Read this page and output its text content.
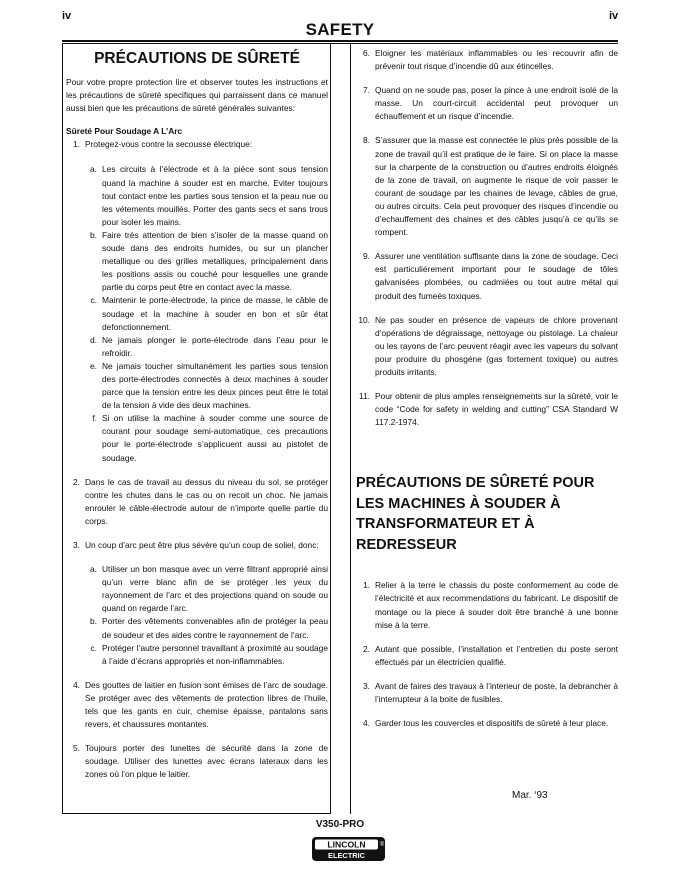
iv	iv
SAFETY
PRÉCAUTIONS DE SÛRETÉ
Pour votre propre protection lire et observer toutes les instructions et les précautions de sûreté specifiques qui parraissent dans ce manuel aussi bien que les précautions de sûreté générales suivantes:
Sûreté Pour Soudage A L’Arc
1. Protegez-vous contre la secousse électrique:
a. Les circuits à l’électrode et à la piéce sont sous tension quand la machine à souder est en marche. Eviter toujours tout contact entre les parties sous tension et la peau nue ou les vétements mouillés. Porter des gants secs et sans trous pour isoler les mains.
b. Faire très attention de bien s’isoler de la masse quand on soude dans des endroits humides, ou sur un plancher metallique ou des grilles metalliques, principalement dans les positions assis ou couché pour lesquelles une grande partie du corps peut être en contact avec la masse.
c. Maintenir le porte-électrode, la pince de masse, le câble de soudage et la machine à souder en bon et sûr état defonctionnement.
d. Ne jamais plonger le porte-électrode dans l’eau pour le refroidir.
e. Ne jamais toucher simultanément les parties sous tension des porte-électrodes connectés à deux machines à souder parce que la tension entre les deux pinces peut être le total de la tension à vide des deux machines.
f. Si on utilise la machine à souder comme une source de courant pour soudage semi-automatique, ces precautions pour le porte-électrode s’applicuent aussi au pistolet de soudage.
2. Dans le cas de travail au dessus du niveau du sol, se protéger contre les chutes dans le cas ou on recoit un choc. Ne jamais enrouler le câble-électrode autour de n’importe quelle partie du corps.
3. Un coup d’arc peut être plus sévère qu’un coup de soliel, donc:
a. Utiliser un bon masque avec un verre filtrant approprié ainsi qu’un verre blanc afin de se protéger les yeux du rayonnement de l’arc et des projections quand on soude ou quand on regarde l’arc.
b. Porter des vêtements convenables afin de protéger la peau de soudeur et des aides contre le rayonnement de l‘arc.
c. Protéger l’autre personnel travaillant à proximité au soudage à l’aide d’écrans appropriés et non-inflammables.
4. Des gouttes de laitier en fusion sont émises de l’arc de soudage. Se protéger avec des vêtements de protection libres de l’huile, tels que les gants en cuir, chemise épaisse, pantalons sans revers, et chaussures montantes.
5. Toujours porter des lunettes de sécurité dans la zone de soudage. Utiliser des lunettes avec écrans lateraux dans les zones où l’on pique le laitier.
6. Eloigner les matériaux inflammables ou les recouvrir afin de prévenir tout risque d’incendie dû aux étincelles.
7. Quand on ne soude pas, poser la pince à une endroit isolé de la masse. Un court-circuit accidental peut provoquer un échauffement et un risque d’incendie.
8. S’assurer que la masse est connectée le plus prés possible de la zone de travail qu’il est pratique de le faire. Si on place la masse sur la charpente de la construction ou d’autres endroits éloignés de la zone de travail, on augmente le risque de voir passer le courant de soudage par les chaines de levage, câbles de grue, ou autres circuits. Cela peut provoquer des risques d’incendie ou d’echauffement des chaines et des câbles jusqu’à ce qu’ils se rompent.
9. Assurer une ventilation suffisante dans la zone de soudage. Ceci est particuliérement important pour le soudage de tôles galvanisées plombées, ou cadmiées ou tout autre métal qui produit des fumeés toxiques.
10. Ne pas souder en présence de vapeurs de chlore provenant d’opérations de dégraissage, nettoyage ou pistolage. La chaleur ou les rayons de l’arc peuvent réagir avec les vapeurs du solvant pour produire du phosgéne (gas fortement toxique) ou autres produits irritants.
11. Pour obtenir de plus amples renseignements sur la sûreté, voir le code “Code for safety in welding and cutting” CSA Standard W 117.2-1974.
PRÉCAUTIONS DE SÛRETÉ POUR LES MACHINES À SOUDER À TRANSFORMATEUR ET À REDRESSEUR
1. Relier à la terre le chassis du poste conformement au code de l’électricité et aux recommendations du fabricant. Le dispositif de montage ou la piece à souder doit être branché à une bonne mise à la terre.
2. Autant que possible, I’installation et l’entretien du poste seront effectués par un électricien qualifié.
3. Avant de faires des travaux à l’interieur de poste, la debrancher à l’interrupteur à la boite de fusibles.
4. Garder tous les couvercles et dispositifs de sûreté à leur place.
Mar. ‘93
V350-PRO
LINCOLN
ELECTRIC
®
